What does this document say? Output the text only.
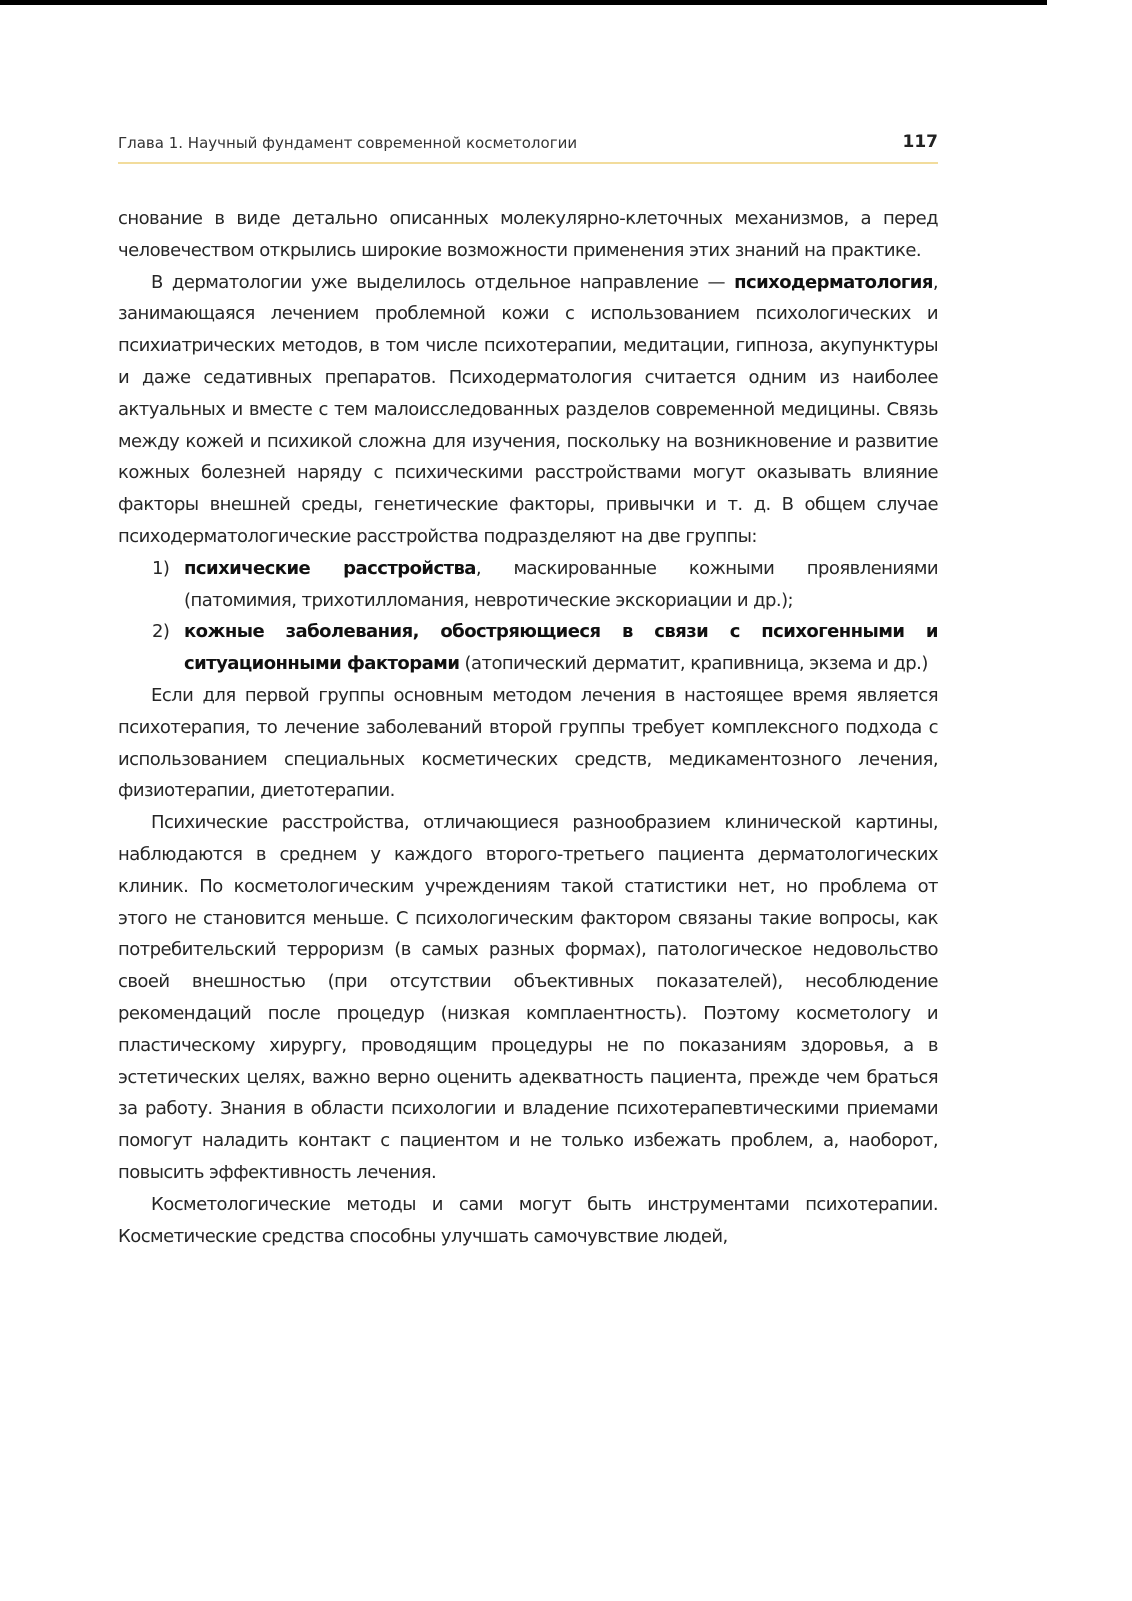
Глава 1. Научный фундамент современной косметологии	117

снование в виде детально описанных молекулярно-клеточных механизмов, а перед человечеством открылись широкие возможности применения этих знаний на практике.

В дерматологии уже выделилось отдельное направление — психодерматология, занимающаяся лечением проблемной кожи с использованием психологических и психиатрических методов, в том числе психотерапии, медитации, гипноза, акупунктуры и даже седативных препаратов. Психодерматология считается одним из наиболее актуальных и вместе с тем малоисследованных разделов современной медицины. Связь между кожей и психикой сложна для изучения, поскольку на возникновение и развитие кожных болезней наряду с психическими расстройствами могут оказывать влияние факторы внешней среды, генетические факторы, привычки и т. д. В общем случае психодерматологические расстройства подразделяют на две группы:

1) психические расстройства, маскированные кожными проявлениями (патомимия, трихотилломания, невротические экскориации и др.);
2) кожные заболевания, обостряющиеся в связи с психогенными и ситуационными факторами (атопический дерматит, крапивница, экзема и др.)

Если для первой группы основным методом лечения в настоящее время является психотерапия, то лечение заболеваний второй группы требует комплексного подхода с использованием специальных косметических средств, медикаментозного лечения, физиотерапии, диетотерапии.

Психические расстройства, отличающиеся разнообразием клинической картины, наблюдаются в среднем у каждого второго-третьего пациента дерматологических клиник. По косметологическим учреждениям такой статистики нет, но проблема от этого не становится меньше. С психологическим фактором связаны такие вопросы, как потребительский терроризм (в самых разных формах), патологическое недовольство своей внешностью (при отсутствии объективных показателей), несоблюдение рекомендаций после процедур (низкая комплаентность). Поэтому косметологу и пластическому хирургу, проводящим процедуры не по показаниям здоровья, а в эстетических целях, важно верно оценить адекватность пациента, прежде чем браться за работу. Знания в области психологии и владение психотерапевтическими приемами помогут наладить контакт с пациентом и не только избежать проблем, а, наоборот, повысить эффективность лечения.

Косметологические методы и сами могут быть инструментами психотерапии. Косметические средства способны улучшать самочувствие людей,
